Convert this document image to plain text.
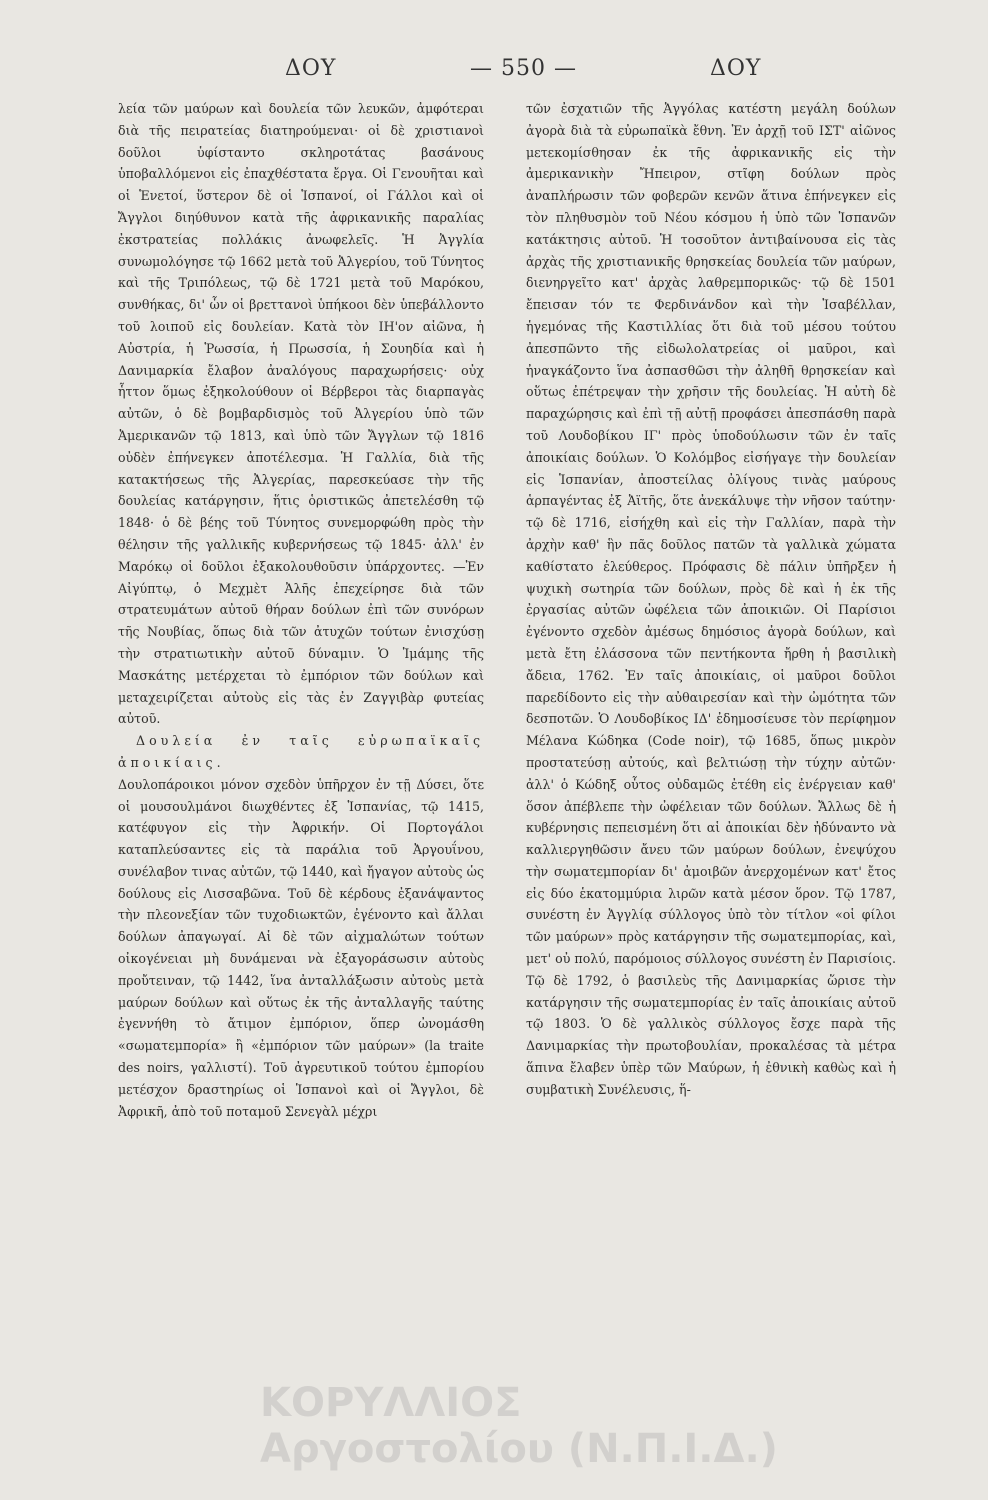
ΔΟΥ	— 550 —	ΔΟΥ

λεία τῶν μαύρων καὶ δουλεία τῶν λευκῶν, ἀμφότεραι διὰ τῆς πειρατείας διατηρούμεναι· οἱ δὲ χριστιανοὶ δοῦλοι ὑφίσταντο σκληροτάτας βασάνους ὑποβαλλόμενοι εἰς ἐπαχθέστατα ἔργα. Οἱ Γενουῆται καὶ οἱ Ἑνετοί, ὕστερον δὲ οἱ Ἱσπανοί, οἱ Γάλλοι καὶ οἱ Ἄγγλοι διηύθυνον κατὰ τῆς ἀφρικανικῆς παραλίας ἐκστρατείας πολλάκις ἀνωφελεῖς. Ἡ Ἀγγλία συνωμολόγησε τῷ 1662 μετὰ τοῦ Ἀλγερίου, τοῦ Τύνητος καὶ τῆς Τριπόλεως, τῷ δὲ 1721 μετὰ τοῦ Μαρόκου, συνθήκας, δι' ὧν οἱ βρεττανοὶ ὑπήκοοι δὲν ὑπεβάλλοντο τοῦ λοιποῦ εἰς δουλείαν. Κατὰ τὸν ΙΗ'ον αἰῶνα, ἡ Αὐστρία, ἡ Ῥωσσία, ἡ Πρωσσία, ἡ Σουηδία καὶ ἡ Δανιμαρκία ἔλαβον ἀναλόγους παραχωρήσεις· οὐχ ἧττον ὅμως ἐξηκολούθουν οἱ Βέρβεροι τὰς διαρπαγὰς αὐτῶν, ὁ δὲ βομβαρδισμὸς τοῦ Ἀλγερίου ὑπὸ τῶν Ἀμερικανῶν τῷ 1813, καὶ ὑπὸ τῶν Ἄγγλων τῷ 1816 οὐδὲν ἐπήνεγκεν ἀποτέλεσμα. Ἡ Γαλλία, διὰ τῆς κατακτήσεως τῆς Ἀλγερίας, παρεσκεύασε τὴν τῆς δουλείας κατάργησιν, ἥτις ὁριστικῶς ἀπετελέσθη τῷ 1848· ὁ δὲ βέης τοῦ Τύνητος συνεμορφώθη πρὸς τὴν θέλησιν τῆς γαλλικῆς κυβερνήσεως τῷ 1845· ἀλλ' ἐν Μαρόκῳ οἱ δοῦλοι ἐξακολουθοῦσιν ὑπάρχοντες. —Ἐν Αἰγύπτῳ, ὁ Μεχμὲτ Ἀλῆς ἐπεχείρησε διὰ τῶν στρατευμάτων αὐτοῦ θήραν δούλων ἐπὶ τῶν συνόρων τῆς Νουβίας, ὅπως διὰ τῶν ἀτυχῶν τούτων ἐνισχύσῃ τὴν στρατιωτικὴν αὐτοῦ δύναμιν. Ὁ Ἰμάμης τῆς Μασκάτης μετέρχεται τὸ ἐμπόριον τῶν δούλων καὶ μεταχειρίζεται αὐτοὺς εἰς τὰς ἐν Ζαγγιβὰρ φυτείας αὐτοῦ.

Δουλεία ἐν ταῖς εὐρωπαϊκαῖς ἀποικίαις.

Δουλοπάροικοι μόνον σχεδὸν ὑπῆρχον ἐν τῇ Δύσει, ὅτε οἱ μουσουλμάνοι διωχθέντες ἐξ Ἱσπανίας, τῷ 1415, κατέφυγον εἰς τὴν Ἀφρικήν. Οἱ Πορτογάλοι καταπλεύσαντες εἰς τὰ παράλια τοῦ Ἀργουΐνου, συνέλαβον τινας αὐτῶν, τῷ 1440, καὶ ἤγαγον αὐτοὺς ὡς δούλους εἰς Λισσαβῶνα. Τοῦ δὲ κέρδους ἐξανάψαντος τὴν πλεονεξίαν τῶν τυχοδιωκτῶν, ἐγένοντο καὶ ἄλλαι δούλων ἀπαγωγαί. Αἱ δὲ τῶν αἰχμαλώτων τούτων οἰκογένειαι μὴ δυνάμεναι νὰ ἐξαγοράσωσιν αὐτοὺς προὔτειναν, τῷ 1442, ἵνα ἀνταλλάξωσιν αὐτοὺς μετὰ μαύρων δούλων καὶ οὕτως ἐκ τῆς ἀνταλλαγῆς ταύτης ἐγεννήθη τὸ ἄτιμον ἐμπόριον, ὅπερ ὠνομάσθη «σωματεμπορία» ἢ «ἐμπόριον τῶν μαύρων» (la traite des noirs, γαλλιστί). Τοῦ ἀγρευτικοῦ τούτου ἐμπορίου μετέσχον δραστηρίως οἱ Ἱσπανοὶ καὶ οἱ Ἄγγλοι, δὲ Ἀφρικῆ, ἀπὸ τοῦ ποταμοῦ Σενεγὰλ μέχρι

τῶν ἐσχατιῶν τῆς Ἀγγόλας κατέστη μεγάλη δούλων ἀγορὰ διὰ τὰ εὐρωπαϊκὰ ἔθνη. Ἐν ἀρχῇ τοῦ ΙΣΤ' αἰῶνος μετεκομίσθησαν ἐκ τῆς ἀφρικανικῆς εἰς τὴν ἀμερικανικὴν Ἤπειρον, στῖφη δούλων πρὸς ἀναπλήρωσιν τῶν φοβερῶν κενῶν ἅτινα ἐπήνεγκεν εἰς τὸν πληθυσμὸν τοῦ Νέου κόσμου ἡ ὑπὸ τῶν Ἱσπανῶν κατάκτησις αὐτοῦ. Ἡ τοσοῦτον ἀντιβαίνουσα εἰς τὰς ἀρχὰς τῆς χριστιανικῆς θρησκείας δουλεία τῶν μαύρων, διενηργεῖτο κατ' ἀρχὰς λαθρεμπορικῶς· τῷ δὲ 1501 ἔπεισαν τόν τε Φερδινάνδον καὶ τὴν Ἰσαβέλλαν, ἡγεμόνας τῆς Καστιλλίας ὅτι διὰ τοῦ μέσου τούτου ἀπεσπῶντο τῆς εἰδωλολατρείας οἱ μαῦροι, καὶ ἠναγκάζοντο ἵνα ἀσπασθῶσι τὴν ἀληθῆ θρησκείαν καὶ οὕτως ἐπέτρεψαν τὴν χρῆσιν τῆς δουλείας. Ἡ αὐτὴ δὲ παραχώρησις καὶ ἐπὶ τῇ αὐτῇ προφάσει ἀπεσπάσθη παρὰ τοῦ Λουδοβίκου ΙΓ' πρὸς ὑποδούλωσιν τῶν ἐν ταῖς ἀποικίαις δούλων. Ὁ Κολόμβος εἰσήγαγε τὴν δουλείαν εἰς Ἱσπανίαν, ἀποστείλας ὀλίγους τινὰς μαύρους ἁρπαγέντας ἐξ Ἀϊτῆς, ὅτε ἀνεκάλυψε τὴν νῆσον ταύτην· τῷ δὲ 1716, εἰσήχθη καὶ εἰς τὴν Γαλλίαν, παρὰ τὴν ἀρχὴν καθ' ἣν πᾶς δοῦλος πατῶν τὰ γαλλικὰ χώματα καθίστατο ἐλεύθερος. Πρόφασις δὲ πάλιν ὑπῆρξεν ἡ ψυχικὴ σωτηρία τῶν δούλων, πρὸς δὲ καὶ ἡ ἐκ τῆς ἐργασίας αὐτῶν ὠφέλεια τῶν ἀποικιῶν. Οἱ Παρίσιοι ἐγένοντο σχεδὸν ἀμέσως δημόσιος ἀγορὰ δούλων, καὶ μετὰ ἔτη ἐλάσσονα τῶν πεντήκοντα ἤρθη ἡ βασιλικὴ ἄδεια, 1762. Ἐν ταῖς ἀποικίαις, οἱ μαῦροι δοῦλοι παρεδίδοντο εἰς τὴν αὐθαιρεσίαν καὶ τὴν ὠμότητα τῶν δεσποτῶν. Ὁ Λουδοβίκος ΙΔ' ἐδημοσίευσε τὸν περίφημον Μέλανα Κώδηκα (Code noir), τῷ 1685, ὅπως μικρὸν προστατεύσῃ αὐτούς, καὶ βελτιώσῃ τὴν τύχην αὐτῶν· ἀλλ' ὁ Κώδηξ οὗτος οὐδαμῶς ἐτέθη εἰς ἐνέργειαν καθ' ὅσον ἀπέβλεπε τὴν ὠφέλειαν τῶν δούλων. Ἄλλως δὲ ἡ κυβέρνησις πεπεισμένη ὅτι αἱ ἀποικίαι δὲν ἠδύναντο νὰ καλλιεργηθῶσιν ἄνευ τῶν μαύρων δούλων, ἐνεψύχου τὴν σωματεμπορίαν δι' ἀμοιβῶν ἀνερχομένων κατ' ἔτος εἰς δύο ἑκατομμύρια λιρῶν κατὰ μέσον ὅρον. Τῷ 1787, συνέστη ἐν Ἀγγλίᾳ σύλλογος ὑπὸ τὸν τίτλον «οἱ φίλοι τῶν μαύρων» πρὸς κατάργησιν τῆς σωματεμπορίας, καὶ, μετ' οὐ πολύ, παρόμοιος σύλλογος συνέστη ἐν Παρισίοις. Τῷ δὲ 1792, ὁ βασιλεὺς τῆς Δανιμαρκίας ὥρισε τὴν κατάργησιν τῆς σωματεμπορίας ἐν ταῖς ἀποικίαις αὐτοῦ τῷ 1803. Ὁ δὲ γαλλικὸς σύλλογος ἔσχε παρὰ τῆς Δανιμαρκίας τὴν πρωτοβουλίαν, προκαλέσας τὰ μέτρα ἅπινα ἔλαβεν ὑπὲρ τῶν Μαύρων, ἡ ἐθνικὴ καθὼς καὶ ἡ συμβατικὴ Συνέλευσις, ἥ-

ΚΟΡΥΛΛΙΟΣ
Αργοστολίου (Ν.Π.Ι.Δ.)
